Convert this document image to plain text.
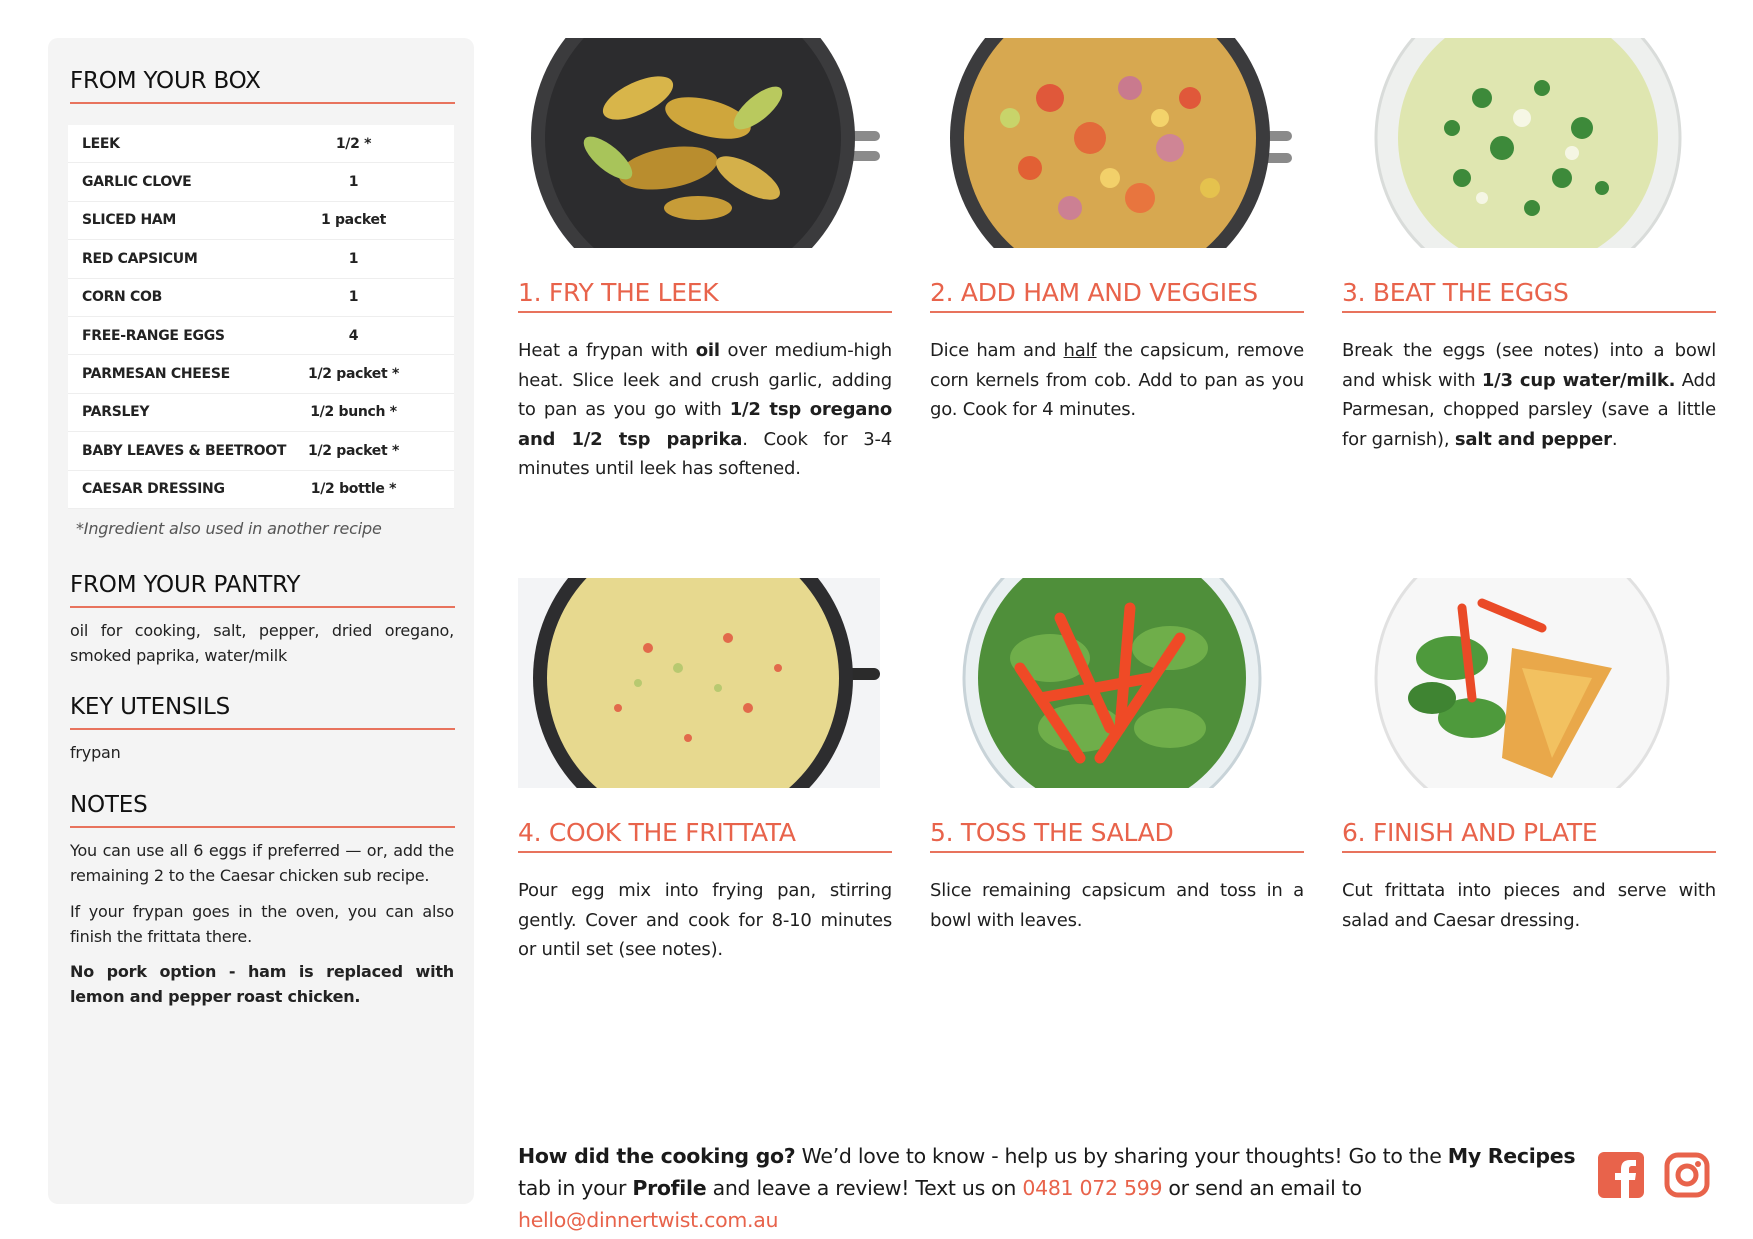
FROM YOUR BOX
LEEK	1/2 *
GARLIC CLOVE	1
SLICED HAM	1 packet
RED CAPSICUM	1
CORN COB	1
FREE-RANGE EGGS	4
PARMESAN CHEESE	1/2 packet *
PARSLEY	1/2 bunch *
BABY LEAVES & BEETROOT	1/2 packet *
CAESAR DRESSING	1/2 bottle *
*Ingredient also used in another recipe
FROM YOUR PANTRY
oil for cooking, salt, pepper, dried oregano, smoked paprika, water/milk
KEY UTENSILS
frypan
NOTES
You can use all 6 eggs if preferred — or, add the remaining 2 to the Caesar chicken sub recipe.
If your frypan goes in the oven, you can also finish the frittata there.
No pork option - ham is replaced with lemon and pepper roast chicken.
1. FRY THE LEEK
Heat a frypan with oil over medium-high heat. Slice leek and crush garlic, adding to pan as you go with 1/2 tsp oregano and 1/2 tsp paprika. Cook for 3-4 minutes until leek has softened.
2. ADD HAM AND VEGGIES
Dice ham and half the capsicum, remove corn kernels from cob. Add to pan as you go. Cook for 4 minutes.
3. BEAT THE EGGS
Break the eggs (see notes) into a bowl and whisk with 1/3 cup water/milk. Add Parmesan, chopped parsley (save a little for garnish), salt and pepper.
4. COOK THE FRITTATA
Pour egg mix into frying pan, stirring gently. Cover and cook for 8-10 minutes or until set (see notes).
5. TOSS THE SALAD
Slice remaining capsicum and toss in a bowl with leaves.
6. FINISH AND PLATE
Cut frittata into pieces and serve with salad and Caesar dressing.
How did the cooking go? We’d love to know - help us by sharing your thoughts! Go to the My Recipes tab in your Profile and leave a review! Text us on 0481 072 599 or send an email to hello@dinnertwist.com.au
